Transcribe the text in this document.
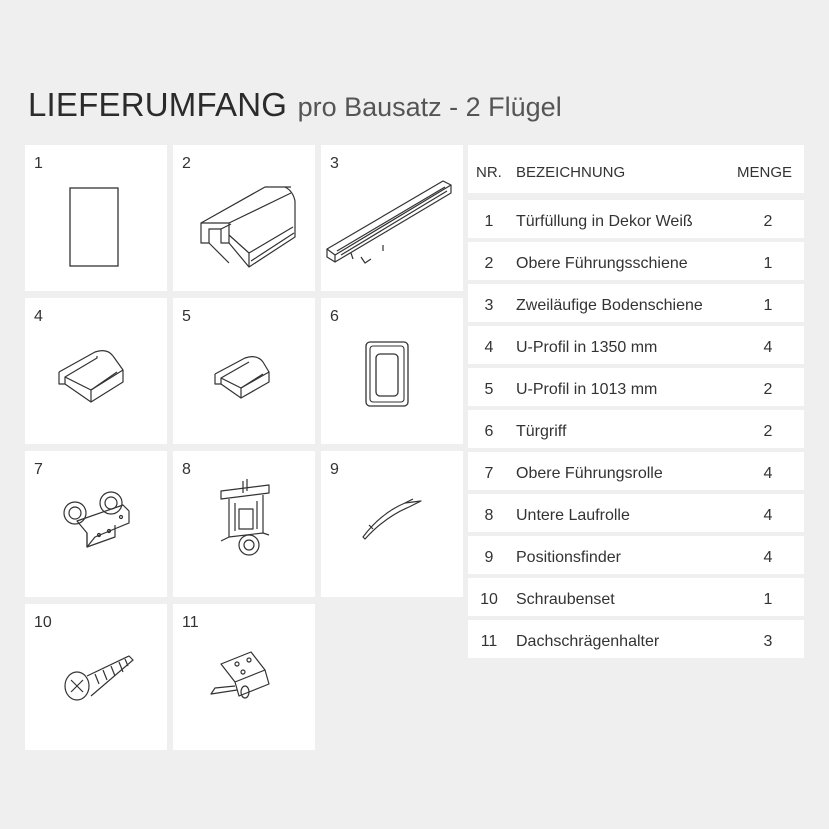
LIEFERUMFANG pro Bausatz - 2 Flügel
1	2	3
4	5	6
7	8	9
10	11
NR. BEZEICHNUNG	MENGE
1	Türfüllung in Dekor Weiß	2
2	Obere Führungsschiene	1
3	Zweiläufige Bodenschiene	1
4	U-Profil in 1350 mm	4
5	U-Profil in 1013 mm	2
6	Türgriff	2
7	Obere Führungsrolle	4
8	Untere Laufrolle	4
9	Positionsfinder	4
10	Schraubenset	1
11	Dachschrägenhalter	3
